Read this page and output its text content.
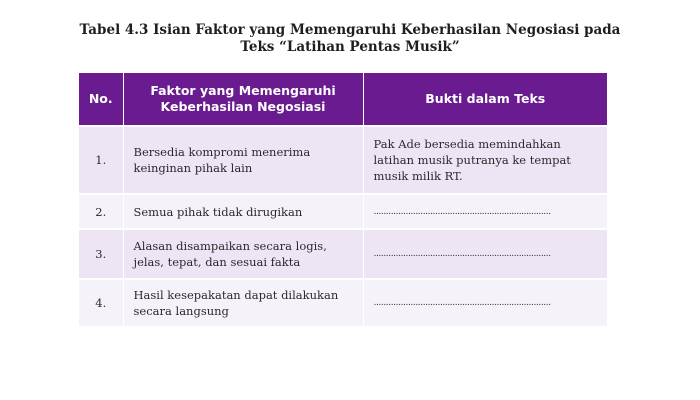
Tabel 4.3 Isian Faktor yang Memengaruhi Keberhasilan Negosiasi pada
Teks “Latihan Pentas Musik”
No.	Faktor yang Memengaruhi Keberhasilan Negosiasi	Bukti dalam Teks
1.	Bersedia kompromi menerima keinginan pihak lain	Pak Ade bersedia memindahkan latihan musik putranya ke tempat musik milik RT.
2.	Semua pihak tidak dirugikan	........................................................................

3.	Alasan disampaikan secara logis, jelas, tepat, dan sesuai fakta	........................................................................

4.	Hasil kesepakatan dapat dilakukan secara langsung	........................................................................
